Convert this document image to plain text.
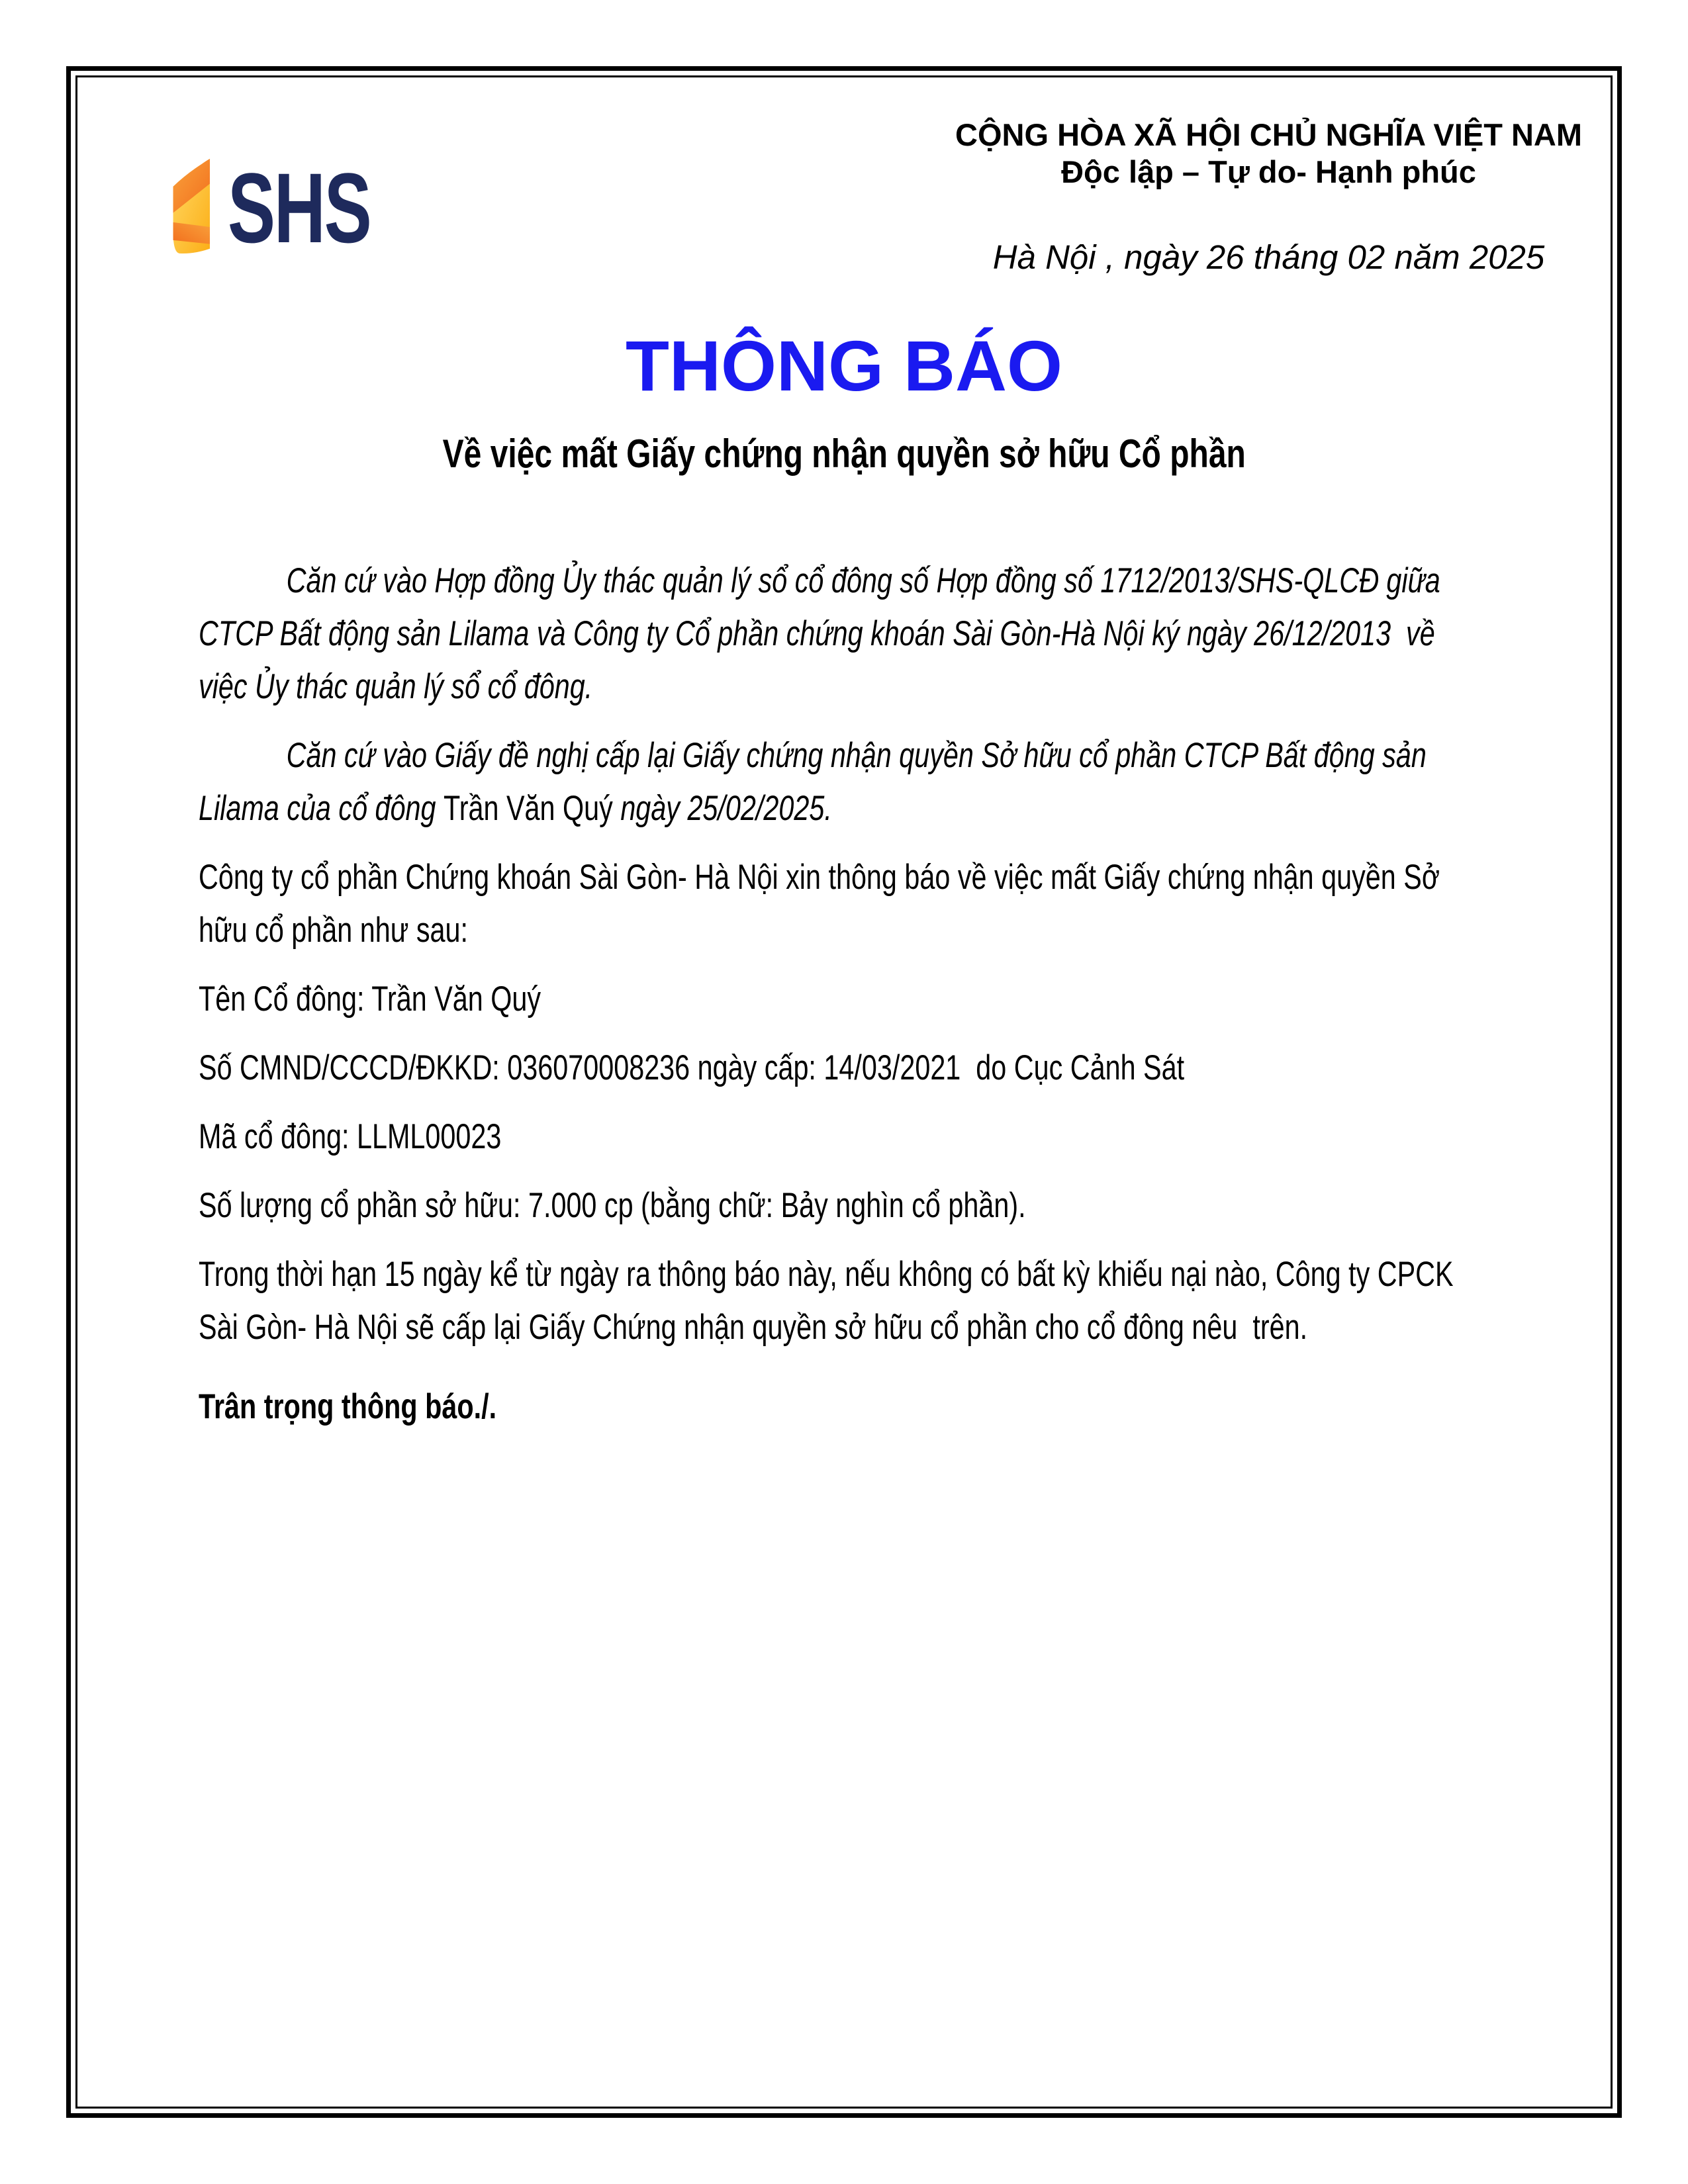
SHS
CỘNG HÒA XÃ HỘI CHỦ NGHĨA VIỆT NAM
Độc lập – Tự do- Hạnh phúc
Hà Nội , ngày 26 tháng 02 năm 2025
THÔNG BÁO
Về việc mất Giấy chứng nhận quyền sở hữu Cổ phần

Căn cứ vào Hợp đồng Ủy thác quản lý sổ cổ đông số Hợp đồng số 1712/2013/SHS-QLCĐ giữa CTCP Bất động sản Lilama và Công ty Cổ phần chứng khoán Sài Gòn-Hà Nội ký ngày 26/12/2013  về việc Ủy thác quản lý sổ cổ đông.

Căn cứ vào Giấy đề nghị cấp lại Giấy chứng nhận quyền Sở hữu cổ phần CTCP Bất động sản Lilama của cổ đông Trần Văn Quý ngày 25/02/2025.

Công ty cổ phần Chứng khoán Sài Gòn- Hà Nội xin thông báo về việc mất Giấy chứng nhận quyền Sở hữu cổ phần như sau:

Tên Cổ đông: Trần Văn Quý

Số CMND/CCCD/ĐKKD: 036070008236 ngày cấp: 14/03/2021  do Cục Cảnh Sát

Mã cổ đông: LLML00023

Số lượng cổ phần sở hữu: 7.000 cp (bằng chữ: Bảy nghìn cổ phần).

Trong thời hạn 15 ngày kể từ ngày ra thông báo này, nếu không có bất kỳ khiếu nại nào, Công ty CPCK Sài Gòn- Hà Nội sẽ cấp lại Giấy Chứng nhận quyền sở hữu cổ phần cho cổ đông nêu  trên.

Trân trọng thông báo./.
